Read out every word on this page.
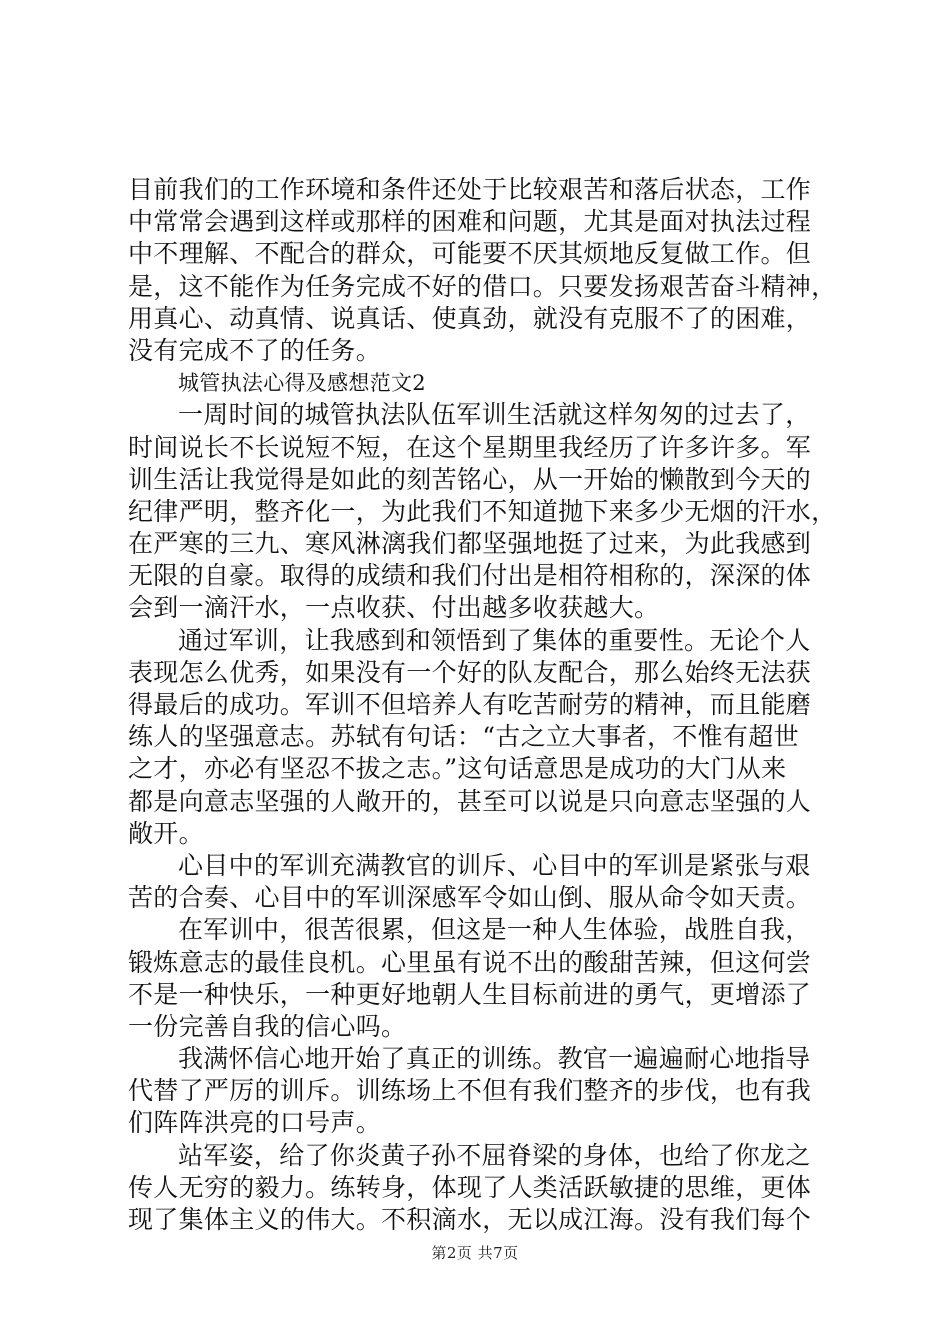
目前我们的工作环境和条件还处于比较艰苦和落后状态，工作
中常常会遇到这样或那样的困难和问题，尤其是面对执法过程
中不理解、不配合的群众，可能要不厌其烦地反复做工作。但
是，这不能作为任务完成不好的借口。只要发扬艰苦奋斗精神，
用真心、动真情、说真话、使真劲，就没有克服不了的困难，
没有完成不了的任务。
城管执法心得及感想范文2
一周时间的城管执法队伍军训生活就这样匆匆的过去了，
时间说长不长说短不短，在这个星期里我经历了许多许多。军
训生活让我觉得是如此的刻苦铭心，从一开始的懒散到今天的
纪律严明，整齐化一，为此我们不知道抛下来多少无烟的汗水，
在严寒的三九、寒风淋漓我们都坚强地挺了过来，为此我感到
无限的自豪。取得的成绩和我们付出是相符相称的，深深的体
会到一滴汗水，一点收获、付出越多收获越大。
通过军训，让我感到和领悟到了集体的重要性。无论个人
表现怎么优秀，如果没有一个好的队友配合，那么始终无法获
得最后的成功。军训不但培养人有吃苦耐劳的精神，而且能磨
练人的坚强意志。苏轼有句话：“古之立大事者，不惟有超世
之才，亦必有坚忍不拔之志。”这句话意思是成功的大门从来
都是向意志坚强的人敞开的，甚至可以说是只向意志坚强的人
敞开。
心目中的军训充满教官的训斥、心目中的军训是紧张与艰
苦的合奏、心目中的军训深感军令如山倒、服从命令如天责。
在军训中，很苦很累，但这是一种人生体验，战胜自我，
锻炼意志的最佳良机。心里虽有说不出的酸甜苦辣，但这何尝
不是一种快乐，一种更好地朝人生目标前进的勇气，更增添了
一份完善自我的信心吗。
我满怀信心地开始了真正的训练。教官一遍遍耐心地指导
代替了严厉的训斥。训练场上不但有我们整齐的步伐，也有我
们阵阵洪亮的口号声。
站军姿，给了你炎黄子孙不屈脊梁的身体，也给了你龙之
传人无穷的毅力。练转身，体现了人类活跃敏捷的思维，更体
现了集体主义的伟大。不积滴水，无以成江海。没有我们每个
第2页 共7页
